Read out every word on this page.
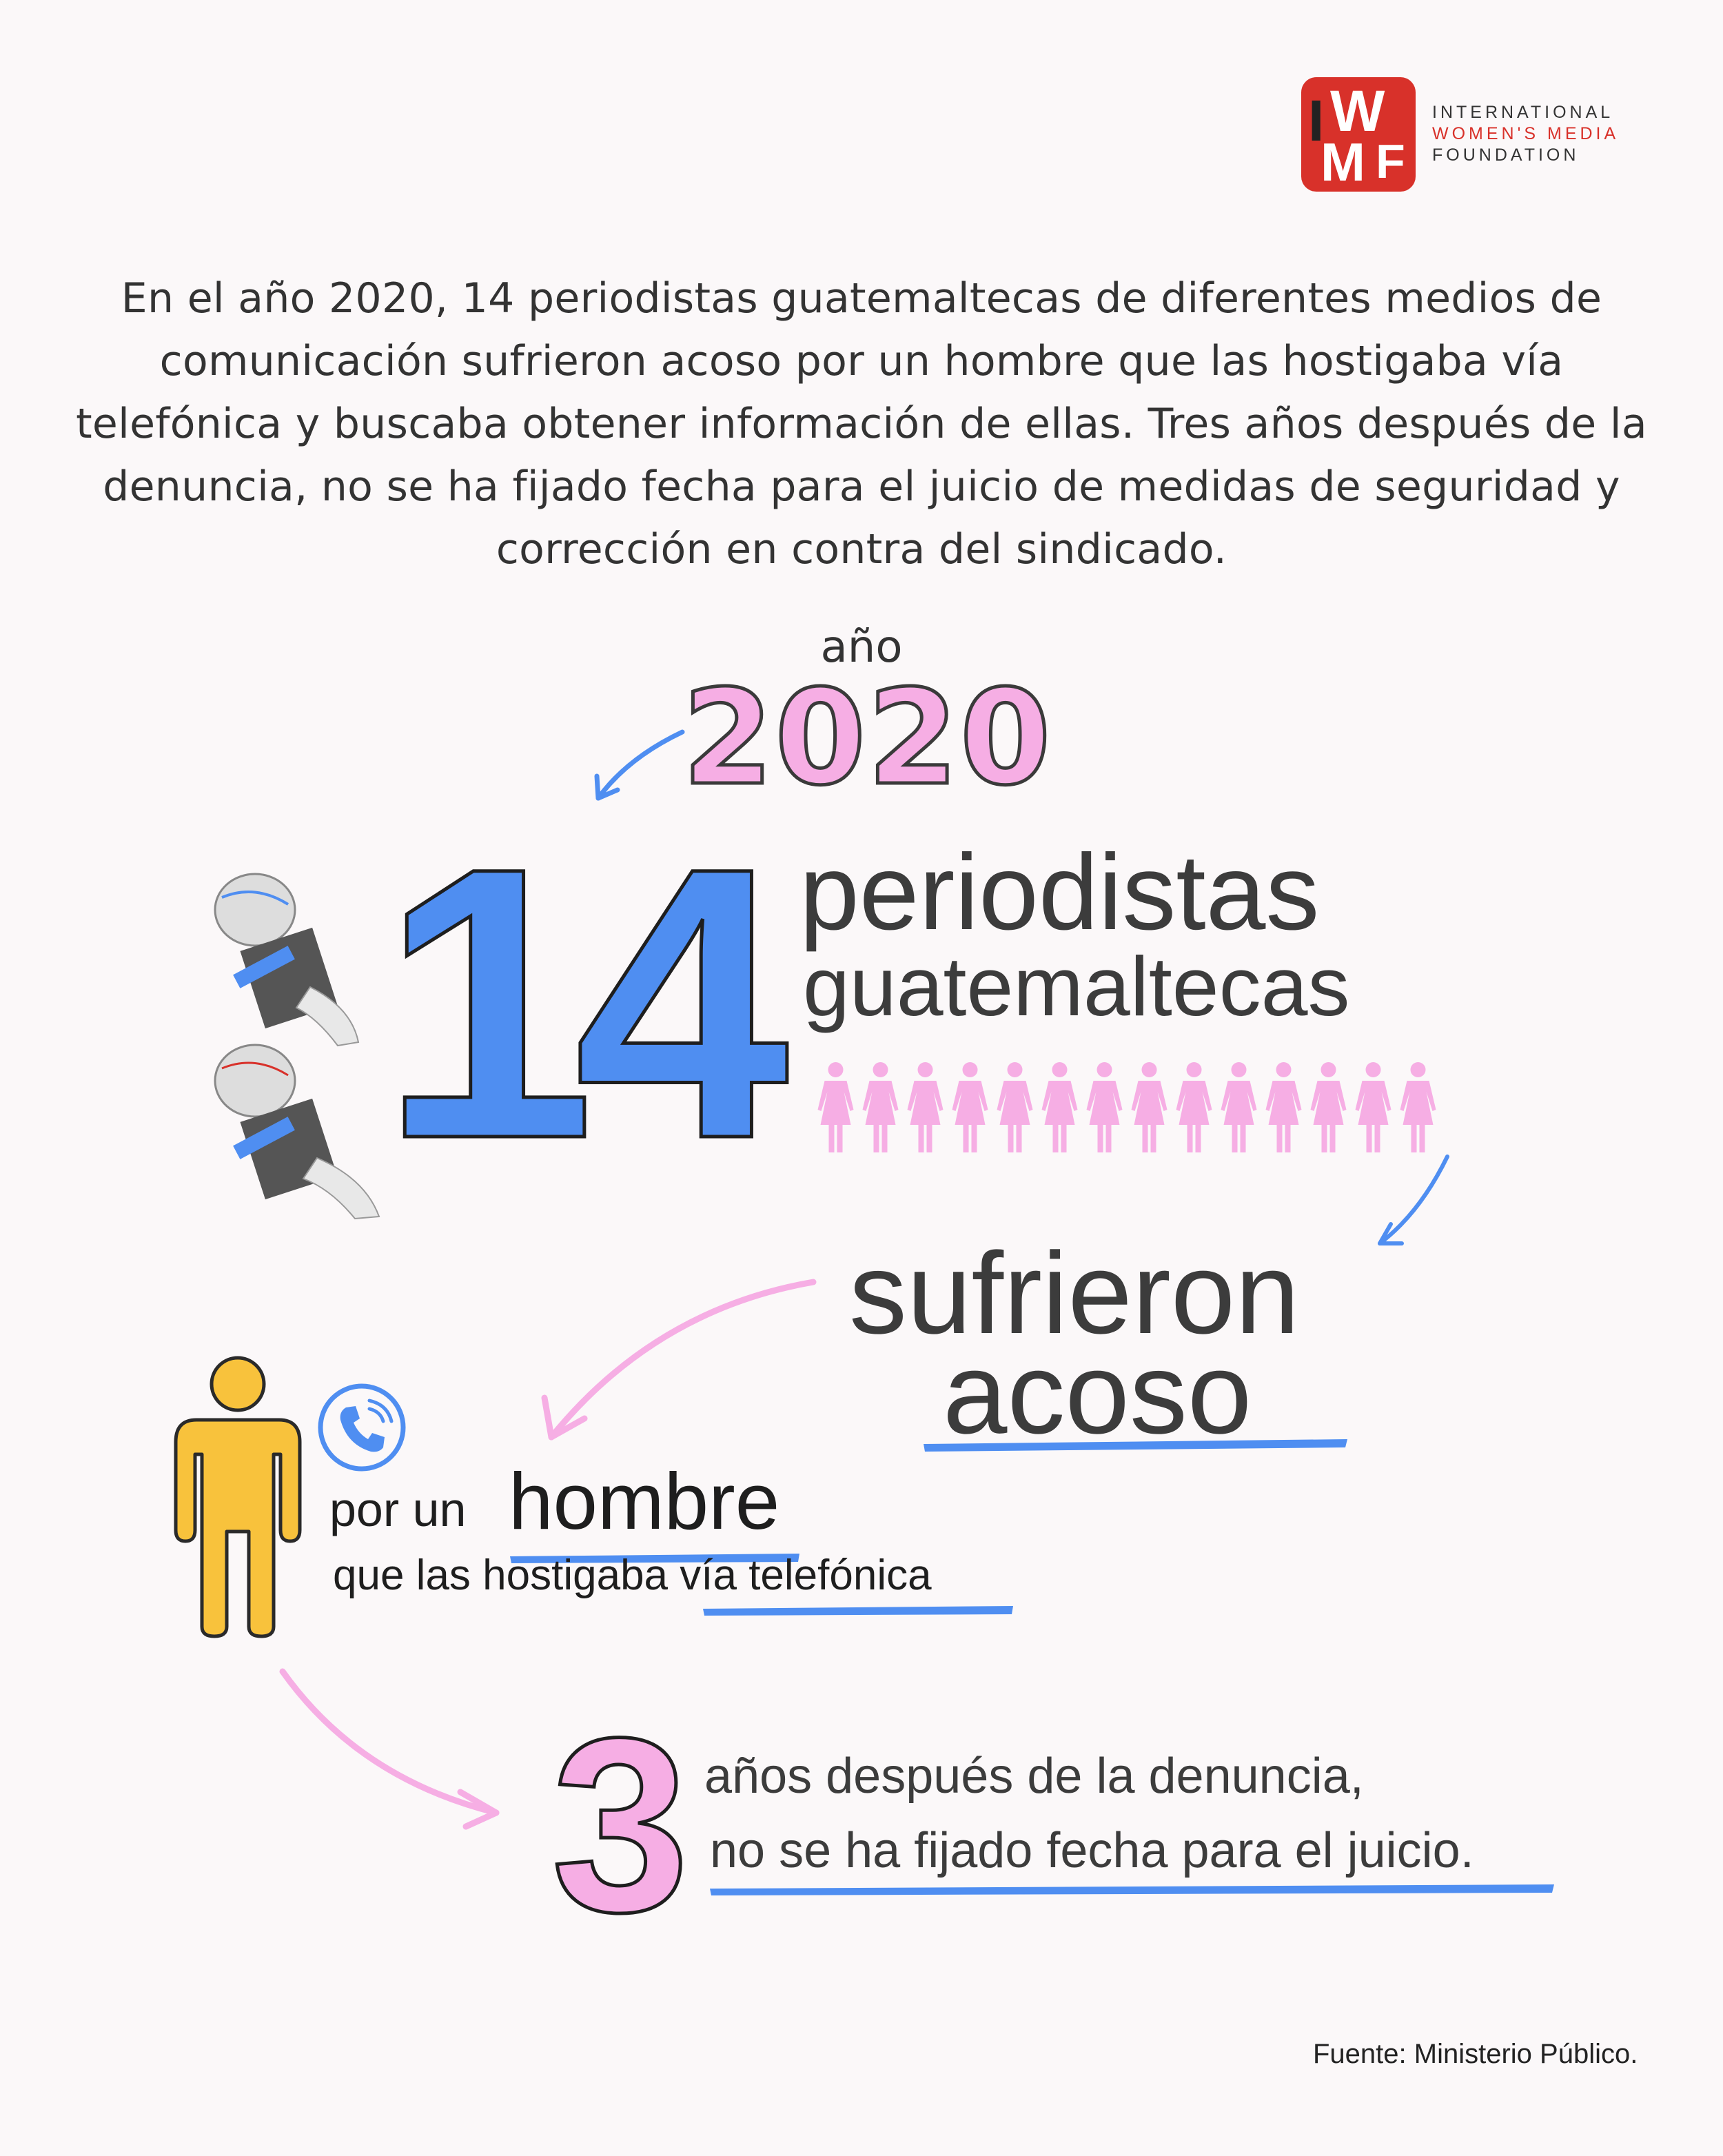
I W
M F
INTERNATIONAL
WOMEN'S MEDIA
FOUNDATION
En el año 2020, 14 periodistas guatemaltecas de diferentes medios de comunicación sufrieron acoso por un hombre que las hostigaba vía telefónica y buscaba obtener información de ellas. Tres años después de la denuncia, no se ha fijado fecha para el juicio de medidas de seguridad y corrección en contra del sindicado.
año
2020
14 periodistas
guatemaltecas
sufrieron
acoso
por un hombre
que las hostigaba vía telefónica
3 años después de la denuncia,
no se ha fijado fecha para el juicio.
Fuente: Ministerio Público.
